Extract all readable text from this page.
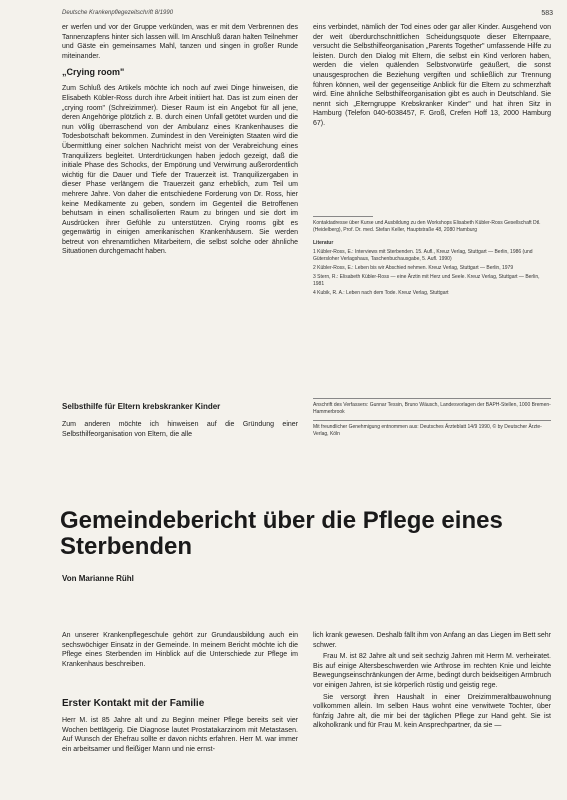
Deutsche Krankenpflegezeitschrift 8/1990	583

er werfen und vor der Gruppe verkünden, was er mit dem Verbrennen des Tannenzapfens hinter sich lassen will. Im Anschluß daran halten Teilnehmer und Gäste ein gemeinsames Mahl, tanzen und singen in großer Runde miteinander.

„Crying room"

Zum Schluß des Artikels möchte ich noch auf zwei Dinge hinweisen, die Elisabeth Kübler-Ross durch ihre Arbeit initiiert hat. Das ist zum einen der „crying room" (Schreizimmer). Dieser Raum ist ein Angebot für all jene, deren Angehörige plötzlich z. B. durch einen Unfall getötet wurden und die nun völlig überraschend von der Ambulanz eines Krankenhauses die Todesbotschaft bekommen. Zumindest in den Vereinigten Staaten wird die Übermittlung einer solchen Nachricht meist von der Verabreichung eines Tranquilizers begleitet. Unterdrückungen haben jedoch gezeigt, daß die initiale Phase des Schocks, der Empörung und Verwirrung außerordentlich wichtig für die Dauer und Tiefe der Trauerzeit ist. Tranquilizergaben in dieser Phase verlängern die Trauerzeit ganz erheblich, zum Teil um mehrere Jahre. Von daher die entschiedene Forderung von Dr. Ross, hier keine Medikamente zu geben, sondern im Gegenteil die Betroffenen behutsam in einen schallisolierten Raum zu bringen und sie dort im Ausdrücken ihrer Gefühle zu unterstützen. Crying rooms gibt es gegenwärtig in einigen amerikanischen Krankenhäusern. Sie werden betreut von ehrenamtlichen Mitarbeitern, die selbst solche oder ähnliche Situationen durchgemacht haben.

Selbsthilfe für Eltern krebskranker Kinder

Zum anderen möchte ich hinweisen auf die Gründung einer Selbsthilfeorganisation von Eltern, die alle

eins verbindet, nämlich der Tod eines oder gar aller Kinder. Ausgehend von der weit überdurchschnittlichen Scheidungsquote dieser Elternpaare, versucht die Selbsthilfeorganisation „Parents Together" umfassende Hilfe zu leisten. Durch den Dialog mit Eltern, die selbst ein Kind verloren haben, werden die vielen quälenden Selbstvorwürfe geäußert, die sonst unausgesprochen die Beziehung vergiften und schließlich zur Trennung führen können, weil der gegenseitige Anblick für die Eltern zu schmerzhaft wird. Eine ähnliche Selbsthilfeorganisation gibt es auch in Deutschland. Sie nennt sich „Elterngruppe Krebskranker Kinder" und hat ihren Sitz in Hamburg (Telefon 040-6038457, F. Groß, Crefen Hoff 13, 2000 Hamburg 67).

Kontaktadresse über Kurse und Ausbildung zu den Workshops Elisabeth Kübler-Ross Gesellschaft Dtl. (Heidelberg), Prof. Dr. med. Stefan Keller, Hauptstraße 48, 2080 Hamburg

Literatur

1 Kübler-Ross, E.: Interviews mit Sterbenden. 15. Aufl., Kreuz Verlag, Stuttgart — Berlin, 1986 (und Gütersloher Verlagshaus, Taschenbuchausgabe, 5. Aufl. 1990)

2 Kübler-Ross, E.: Leben bis wir Abschied nehmen. Kreuz Verlag, Stuttgart — Berlin, 1979

3 Stern, R.: Elisabeth Kübler-Ross — eine Ärztin mit Herz und Seele. Kreuz Verlag, Stuttgart — Berlin, 1981

4 Kubik, R. A.: Leben nach dem Tode. Kreuz Verlag, Stuttgart

Anschrift des Verfassers: Gunnar Tessin, Bruno Wäusch, Landesvorlagen der BAPH-Stellen, 1000 Bremen-Hammerbrook
Mit freundlicher Genehmigung entnommen aus: Deutsches Ärzteblatt 14/9 1990, © by Deutscher Ärzte-Verlag, Köln
Gemeindebericht über die Pflege eines Sterbenden
Von Marianne Rühl

An unserer Krankenpflegeschule gehört zur Grundausbildung auch ein sechswöchiger Einsatz in der Gemeinde. In meinem Bericht möchte ich die Pflege eines Sterbenden im Hinblick auf die Unterschiede zur Pflege im Krankenhaus beschreiben.

Erster Kontakt mit der Familie

Herr M. ist 85 Jahre alt und zu Beginn meiner Pflege bereits seit vier Wochen bettlägerig. Die Diagnose lautet Prostatakarzinom mit Metastasen. Auf Wunsch der Ehefrau sollte er davon nichts erfahren. Herr M. war immer ein arbeitsamer und fleißiger Mann und nie ernst-

lich krank gewesen. Deshalb fällt ihm von Anfang an das Liegen im Bett sehr schwer.

Frau M. ist 82 Jahre alt und seit sechzig Jahren mit Herrn M. verheiratet. Bis auf einige Altersbeschwerden wie Arthrose im rechten Knie und leichte Bewegungseinschränkungen der Arme, bedingt durch beidseitigen Armbruch vor einigen Jahren, ist sie körperlich rüstig und geistig rege.

Sie versorgt ihren Haushalt in einer Dreizimmeraltbauwohnung vollkommen allein. Im selben Haus wohnt eine verwitwete Tochter, über fünfzig Jahre alt, die mir bei der täglichen Pflege zur Hand geht. Sie ist alkoholkrank und für Frau M. kein Ansprechpartner, da sie —
